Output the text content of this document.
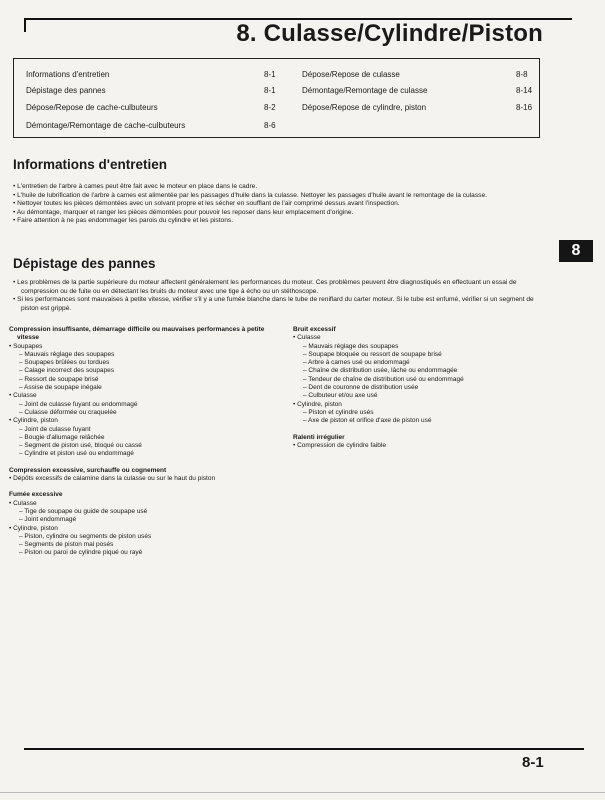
8. Culasse/Cylindre/Piston
Informations d'entretien	8-1	Dépose/Repose de culasse	8-8
Dépistage des pannes	8-1	Démontage/Remontage de culasse	8-14
Dépose/Repose de cache-culbuteurs	8-2	Dépose/Repose de cylindre, piston	8-16
Démontage/Remontage de cache-culbuteurs	8-6
Informations d'entretien

• L'entretien de l'arbre à cames peut être fait avec le moteur en place dans le cadre.

• L'huile de lubrification de l'arbre à cames est alimentée par les passages d'huile dans la culasse. Nettoyer les passages d'huile avant le remontage de la culasse.

• Nettoyer toutes les pièces démontées avec un solvant propre et les sécher en soufflant de l'air comprimé dessus avant l'inspection.

• Au démontage, marquer et ranger les pièces démontées pour pouvoir les reposer dans leur emplacement d'origine.

• Faire attention à ne pas endommager les parois du cylindre et les pistons.

8
Dépistage des pannes

• Les problèmes de la partie supérieure du moteur affectent généralement les performances du moteur. Ces problèmes peuvent être diagnostiqués en effectuant un essai de compression ou de fuite ou en détectant les bruits du moteur avec une tige à écho ou un stéthoscope.

• Si les performances sont mauvaises à petite vitesse, vérifier s'il y a une fumée blanche dans le tube de reniflard du carter moteur. Si le tube est enfumé, vérifier si un segment de piston est grippé.

Compression insuffisante, démarrage difficile ou mauvaises performances à petite vitesse
• Soupapes
– Mauvais réglage des soupapes
– Soupapes brûlées ou tordues
– Calage incorrect des soupapes
– Ressort de soupape brisé
– Assise de soupape inégale
• Culasse
– Joint de culasse fuyant ou endommagé
– Culasse déformée ou craquelée
• Cylindre, piston
– Joint de culasse fuyant
– Bougie d'allumage relâchée
– Segment de piston usé, bloqué ou cassé
– Cylindre et piston usé ou endommagé
Compression excessive, surchauffe ou cognement
• Dépôts excessifs de calamine dans la culasse ou sur le haut du piston
Fumée excessive
• Culasse
– Tige de soupape ou guide de soupape usé
– Joint endommagé
• Cylindre, piston
– Piston, cylindre ou segments de piston usés
– Segments de piston mal posés
– Piston ou paroi de cylindre piqué ou rayé
Bruit excessif
• Culasse
– Mauvais réglage des soupapes
– Soupape bloquée ou ressort de soupape brisé
– Arbre à cames usé ou endommagé
– Chaîne de distribution usée, lâche ou endommagée
– Tendeur de chaîne de distribution usé ou endommagé
– Dent de couronne de distribution usée
– Culbuteur et/ou axe usé
• Cylindre, piston
– Piston et cylindre usés
– Axe de piston et orifice d'axe de piston usé
Ralenti irrégulier
• Compression de cylindre faible
8-1
